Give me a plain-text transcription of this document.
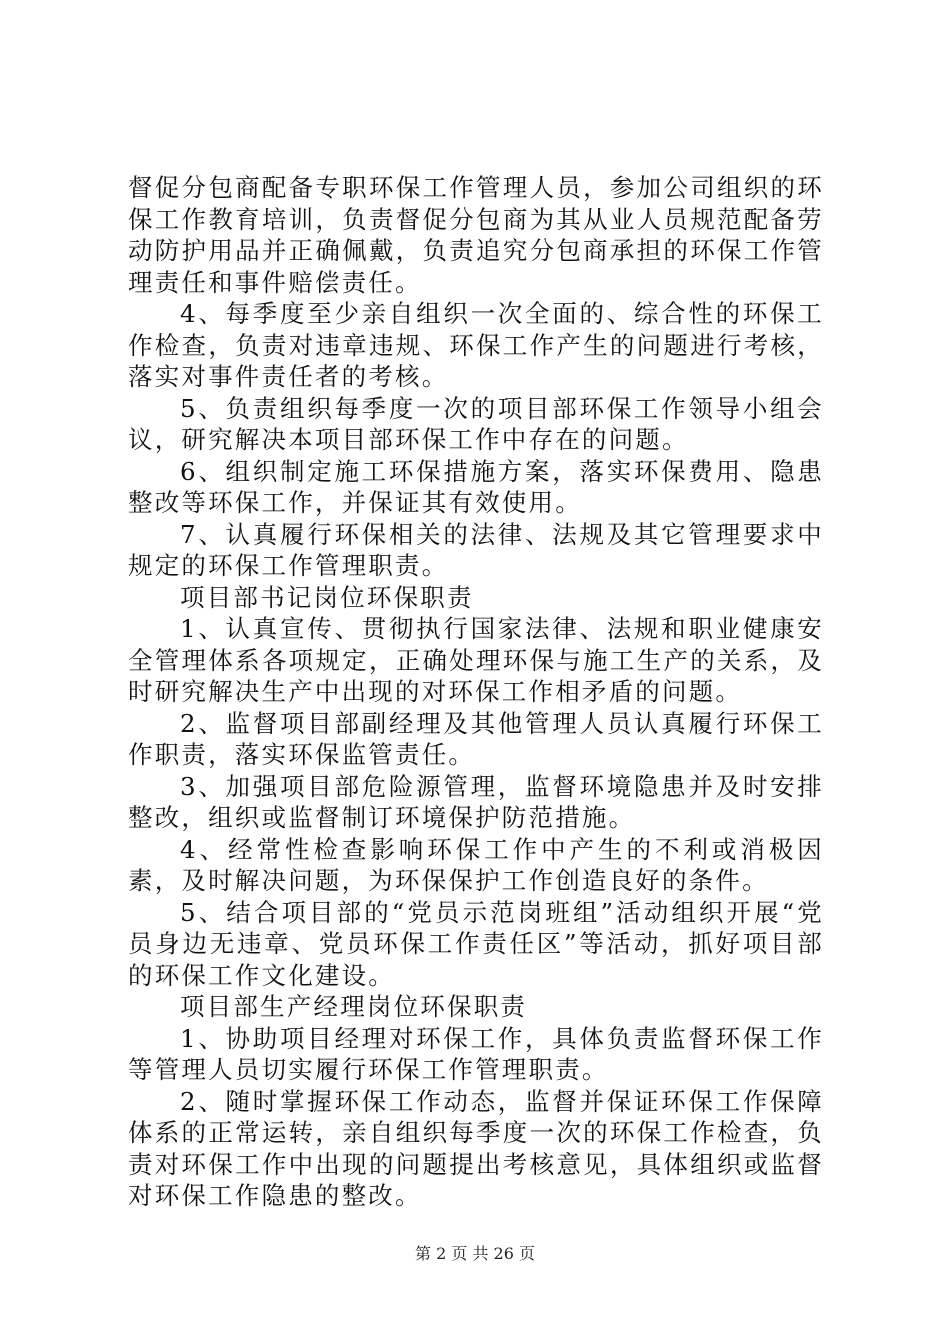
督促分包商配备专职环保工作管理人员，参加公司组织的环保工作教育培训，负责督促分包商为其从业人员规范配备劳动防护用品并正确佩戴，负责追究分包商承担的环保工作管理责任和事件赔偿责任。

4、每季度至少亲自组织一次全面的、综合性的环保工作检查，负责对违章违规、环保工作产生的问题进行考核，落实对事件责任者的考核。

5、负责组织每季度一次的项目部环保工作领导小组会议，研究解决本项目部环保工作中存在的问题。

6、组织制定施工环保措施方案，落实环保费用、隐患整改等环保工作，并保证其有效使用。

7、认真履行环保相关的法律、法规及其它管理要求中规定的环保工作管理职责。

项目部书记岗位环保职责

1、认真宣传、贯彻执行国家法律、法规和职业健康安全管理体系各项规定，正确处理环保与施工生产的关系，及时研究解决生产中出现的对环保工作相矛盾的问题。

2、监督项目部副经理及其他管理人员认真履行环保工作职责，落实环保监管责任。

3、加强项目部危险源管理，监督环境隐患并及时安排整改，组织或监督制订环境保护防范措施。

4、经常性检查影响环保工作中产生的不利或消极因素，及时解决问题，为环保保护工作创造良好的条件。

5、结合项目部的“党员示范岗班组”活动组织开展“党员身边无违章、党员环保工作责任区”等活动，抓好项目部的环保工作文化建设。

项目部生产经理岗位环保职责

1、协助项目经理对环保工作，具体负责监督环保工作等管理人员切实履行环保工作管理职责。

2、随时掌握环保工作动态，监督并保证环保工作保障体系的正常运转，亲自组织每季度一次的环保工作检查，负责对环保工作中出现的问题提出考核意见，具体组织或监督对环保工作隐患的整改。

第 2 页 共 26 页
